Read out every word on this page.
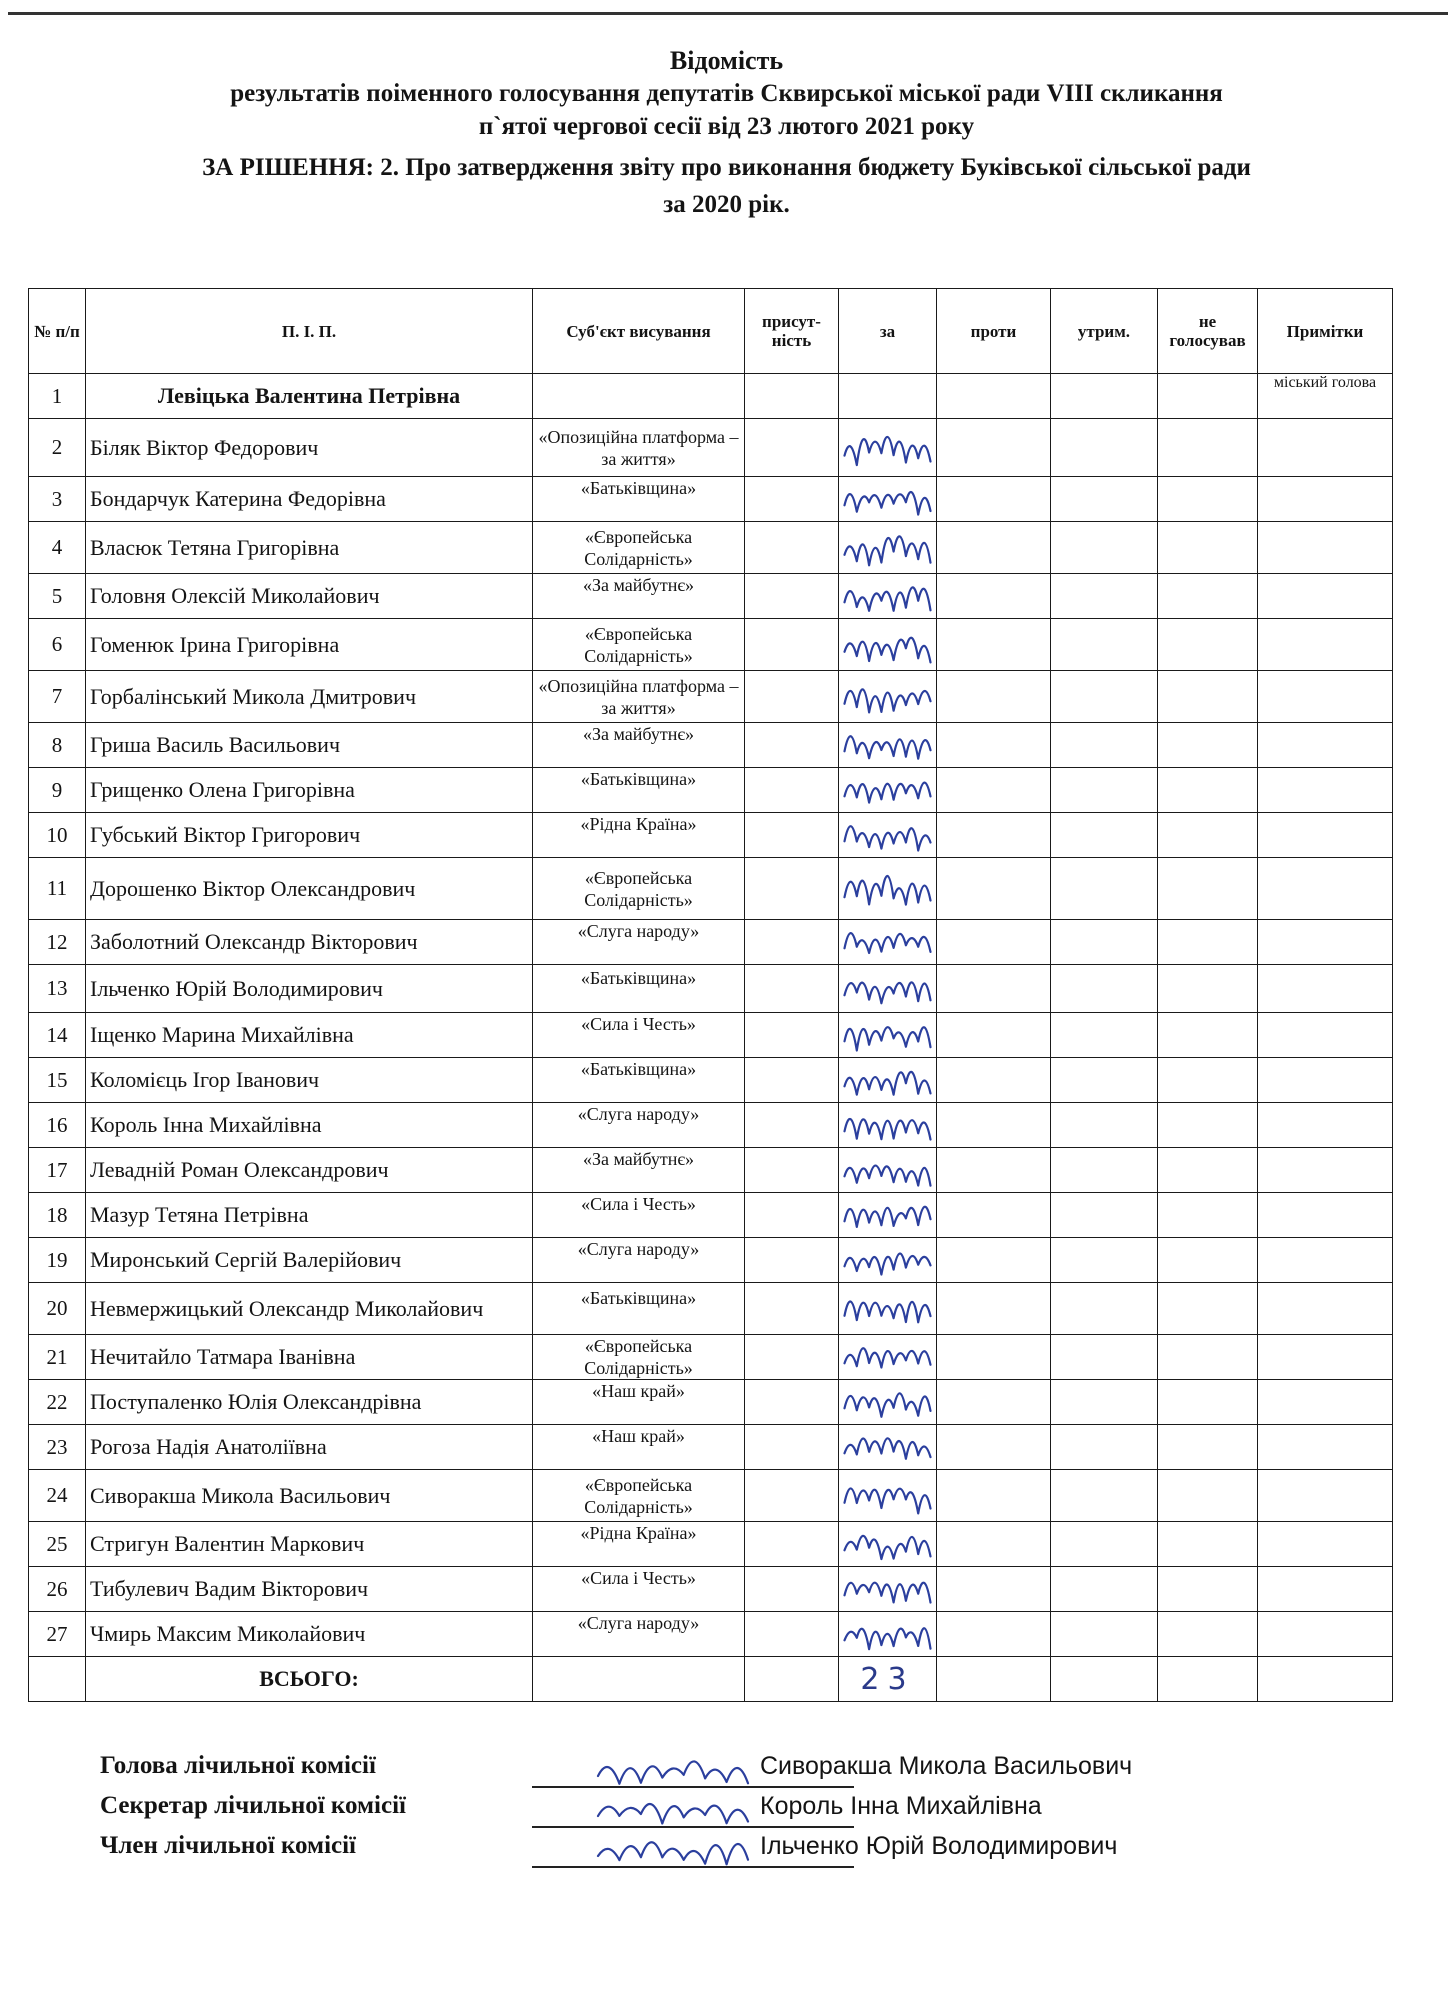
Відомість
результатів поіменного голосування депутатів Сквирської міської ради VIII скликання
п`ятої чергової сесії від 23 лютого 2021 року
ЗА РІШЕННЯ: 2. Про затвердження звіту про виконання бюджету Буківської сільської ради
за 2020 рік.
№ п/п	П. І. П.	Суб'єкт висування	присут-ність	за	проти	утрим.	не голосував	Примітки
1	Левіцька Валентина Петрівна							міський голова

2	Біляк Віктор Федорович	«Опозиційна платформа – за життя»						

3	Бондарчук Катерина Федорівна	«Батьківщина»						

4	Власюк Тетяна Григорівна	«Європейська Солідарність»						

5	Головня Олексій Миколайович	«За майбутнє»						

6	Гоменюк Ірина Григорівна	«Європейська Солідарність»						

7	Горбалінський Микола Дмитрович	«Опозиційна платформа – за життя»						

8	Гриша Василь Васильович	«За майбутнє»						

9	Грищенко Олена Григорівна	«Батьківщина»						

10	Губський Віктор Григорович	«Рідна Країна»						

11	Дорошенко Віктор Олександрович	«Європейська Солідарність»						

12	Заболотний Олександр Вікторович	«Слуга народу»						

13	Ільченко Юрій Володимирович	«Батьківщина»						

14	Іщенко Марина Михайлівна	«Сила і Честь»						

15	Коломієць Ігор Іванович	«Батьківщина»						

16	Король Інна Михайлівна	«Слуга народу»						

17	Левадній Роман Олександрович	«За майбутнє»						

18	Мазур Тетяна Петрівна	«Сила і Честь»						

19	Миронський Сергій Валерійович	«Слуга народу»						

20	Невмержицький Олександр Миколайович	«Батьківщина»						

21	Нечитайло Татмара Іванівна	«Європейська Солідарність»						

22	Поступаленко Юлія Олександрівна	«Наш край»						

23	Рогоза Надія Анатоліївна	«Наш край»						

24	Сиворакша Микола Васильович	«Європейська Солідарність»						

25	Стригун Валентин Маркович	«Рідна Країна»						

26	Тибулевич Вадим Вікторович	«Сила і Честь»						

27	Чмирь Максим Миколайович	«Слуга народу»						

	ВСЬОГО:			23				
Голова лічильної комісії	Сиворакша Микола Васильович
Секретар лічильної комісії	Король Інна Михайлівна
Член лічильної комісії	Ільченко Юрій Володимирович
